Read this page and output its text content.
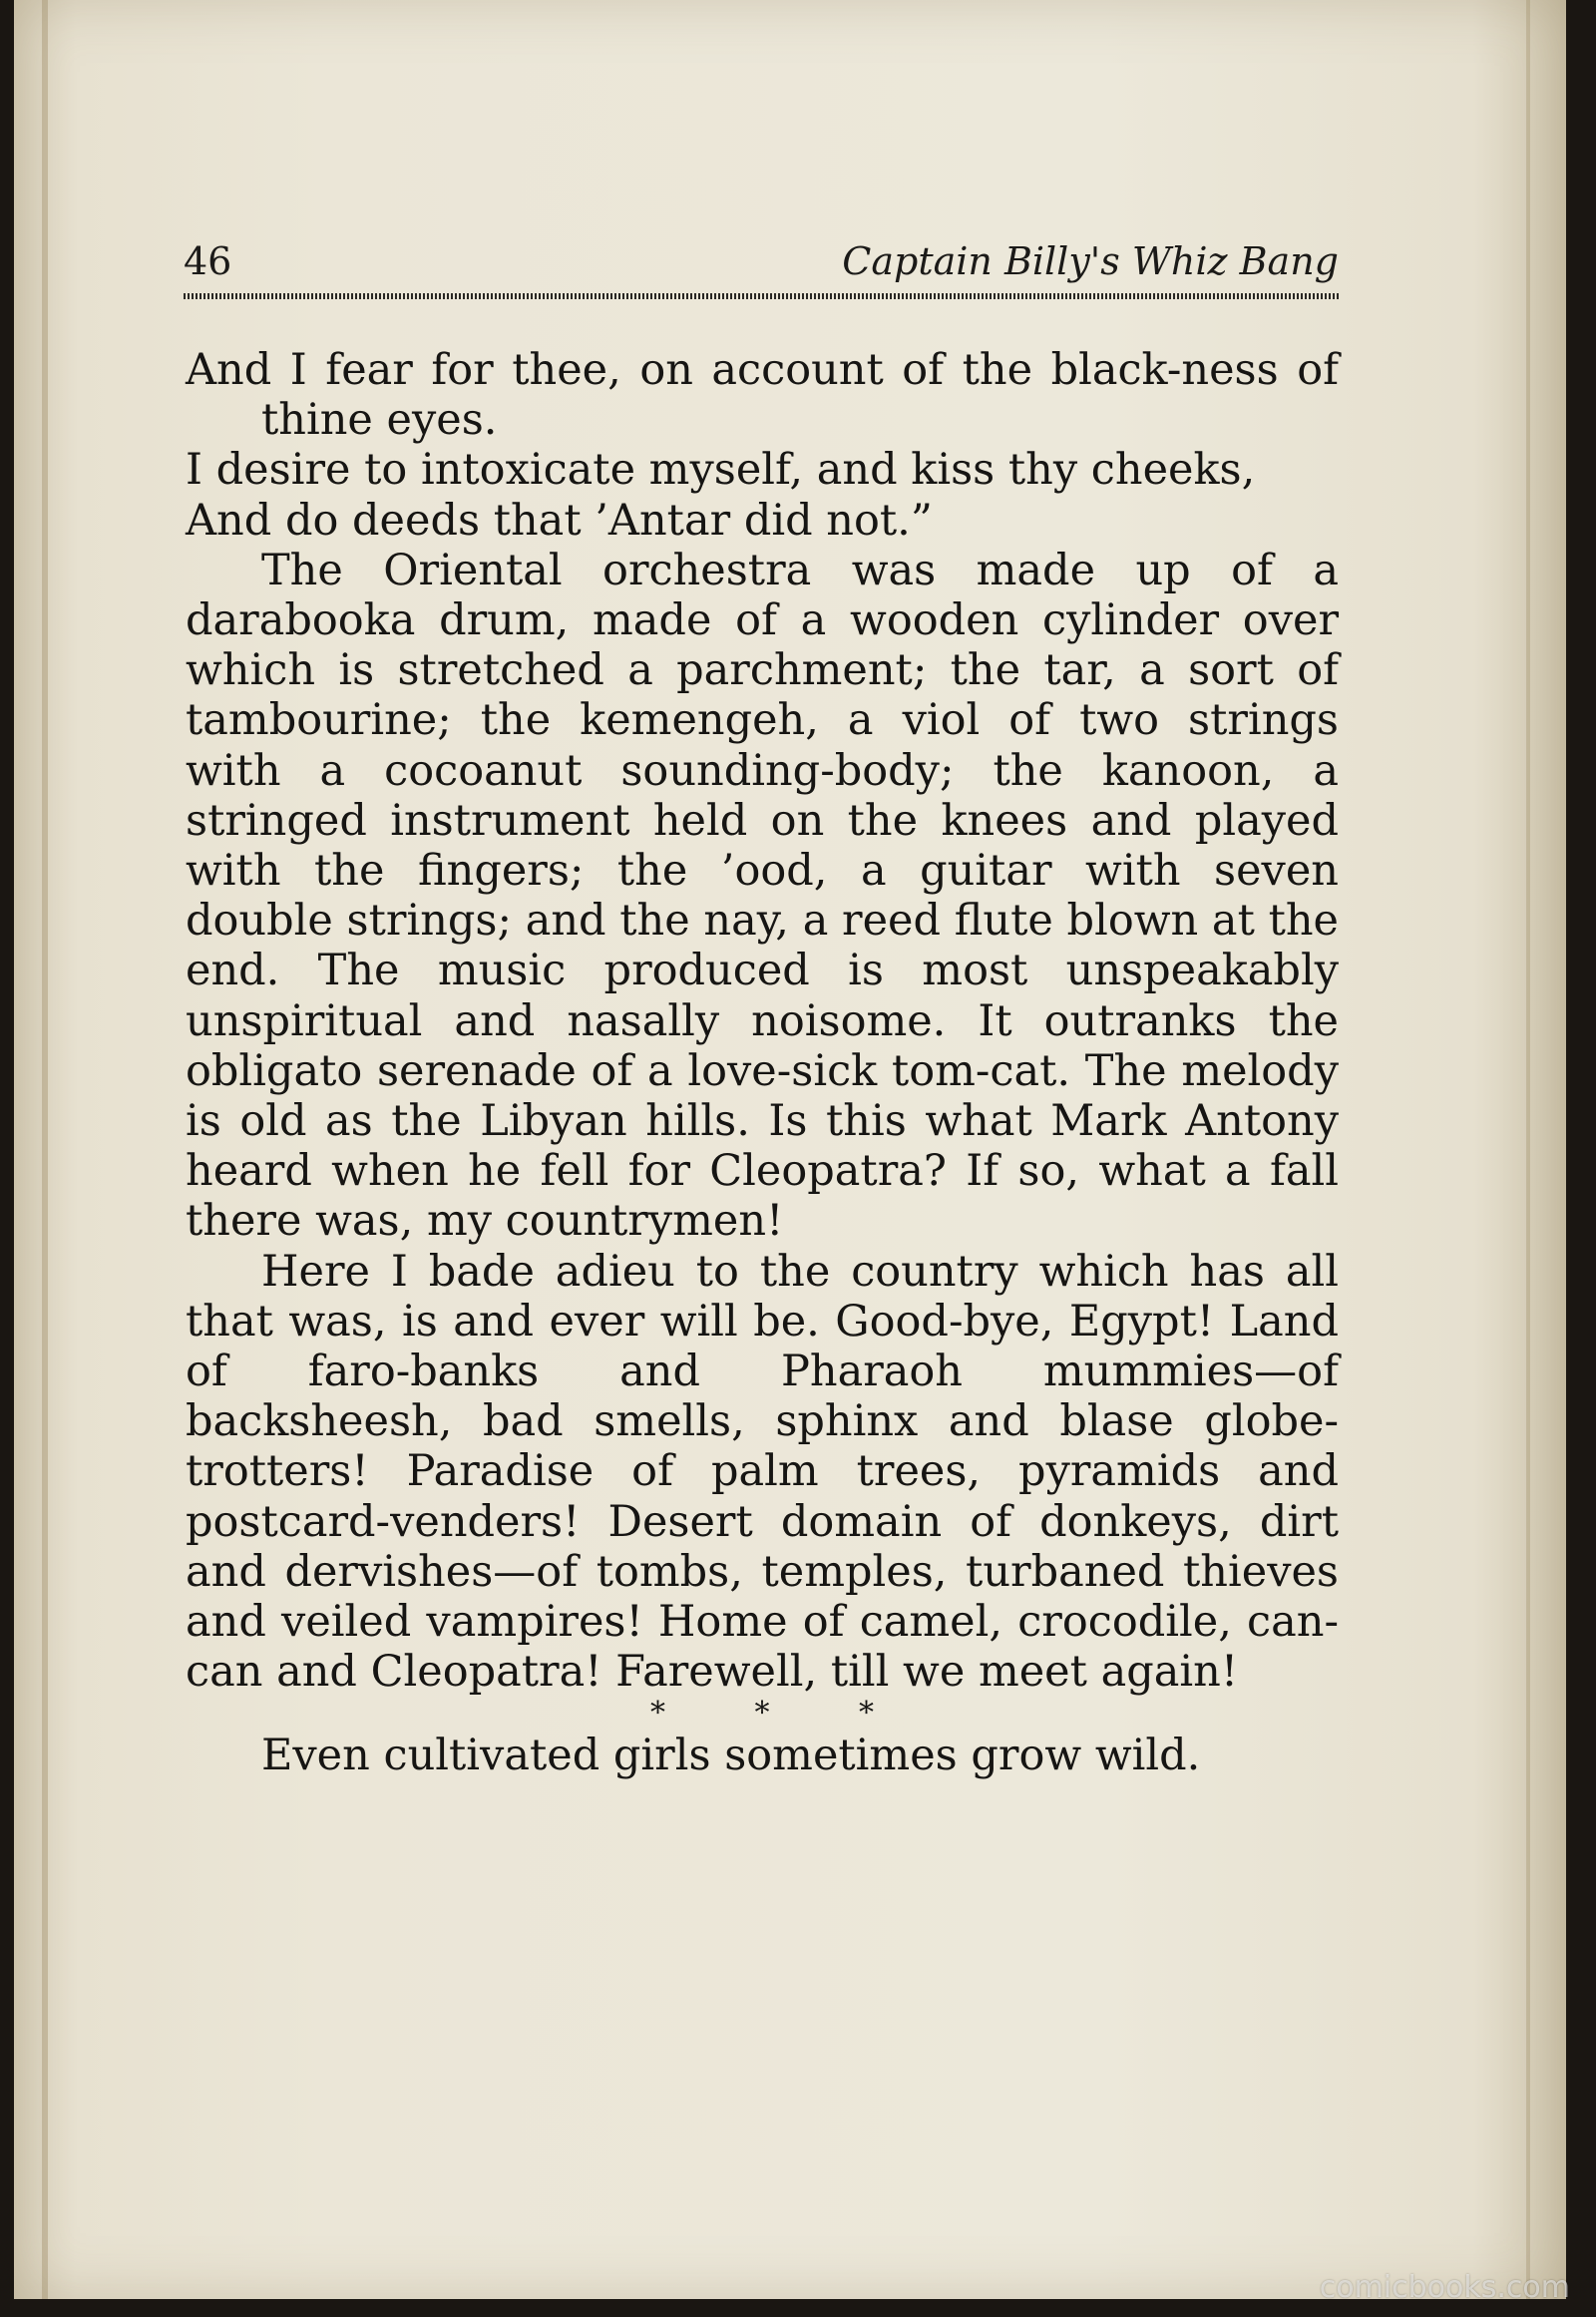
46	Captain Billy's Whiz Bang

And I fear for thee, on account of the black-ness of thine eyes.

I desire to intoxicate myself, and kiss thy cheeks,

And do deeds that ’Antar did not.”

The Oriental orchestra was made up of a darabooka drum, made of a wooden cylinder over which is stretched a parchment; the tar, a sort of tambourine; the kemengeh, a viol of two strings with a cocoanut sounding-body; the kanoon, a stringed instrument held on the knees and played with the fingers; the ’ood, a guitar with seven double strings; and the nay, a reed flute blown at the end. The music produced is most unspeakably unspiritual and nasally noisome. It outranks the obligato serenade of a love-sick tom-cat. The melody is old as the Libyan hills. Is this what Mark Antony heard when he fell for Cleopatra? If so, what a fall there was, my countrymen!

Here I bade adieu to the country which has all that was, is and ever will be. Good-bye, Egypt! Land of faro-banks and Pharaoh mummies—of backsheesh, bad smells, sphinx and blase globe-trotters! Paradise of palm trees, pyramids and postcard-venders! Desert domain of donkeys, dirt and dervishes—of tombs, temples, turbaned thieves and veiled vampires! Home of camel, crocodile, can-can and Cleopatra! Farewell, till we meet again!

* * *

Even cultivated girls sometimes grow wild.

comicbooks.com
